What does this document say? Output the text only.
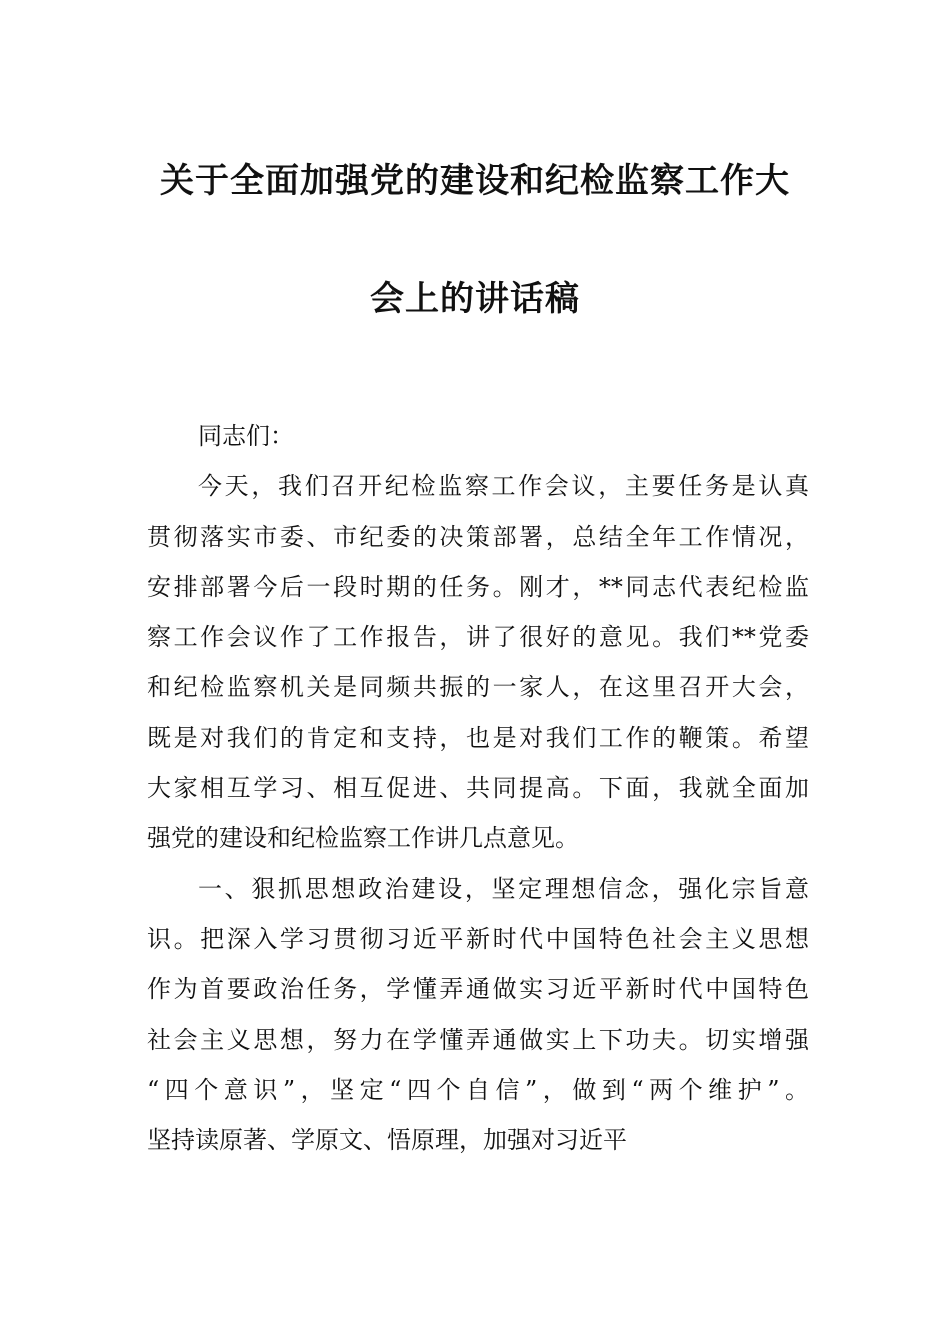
关于全面加强党的建设和纪检监察工作大
会上的讲话稿
同志们：
今天，我们召开纪检监察工作会议，主要任务是认真
贯彻落实市委、市纪委的决策部署，总结全年工作情况，
安排部署今后一段时期的任务。刚才，**同志代表纪检监
察工作会议作了工作报告，讲了很好的意见。我们**党委
和纪检监察机关是同频共振的一家人，在这里召开大会，
既是对我们的肯定和支持，也是对我们工作的鞭策。希望
大家相互学习、相互促进、共同提高。下面，我就全面加
强党的建设和纪检监察工作讲几点意见。
一、狠抓思想政治建设，坚定理想信念，强化宗旨意
识。把深入学习贯彻习近平新时代中国特色社会主义思想
作为首要政治任务，学懂弄通做实习近平新时代中国特色
社会主义思想，努力在学懂弄通做实上下功夫。切实增强
“四个意识”，坚定“四个自信”，做到“两个维护”。
坚持读原著、学原文、悟原理，加强对习近平
